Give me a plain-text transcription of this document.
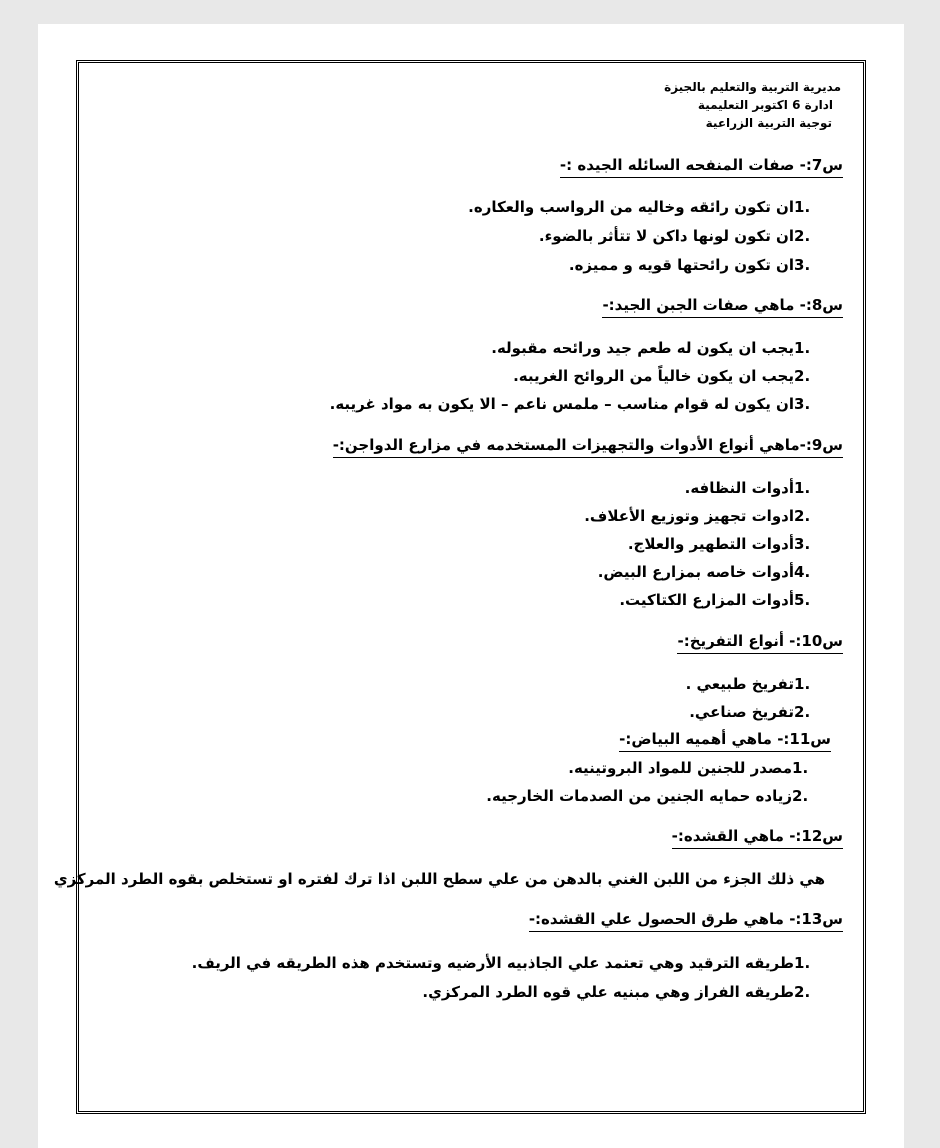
مديرية التربية والتعليم بالجيزة
ادارة 6 اكتوبر التعليمية
توجية التربية الزراعية
س7:- صفات المنفحه السائله الجيده :-
.1ان تكون رائقه وخاليه من الرواسب والعكاره.
.2ان تكون لونها داكن لا تتأثر بالضوء.
.3ان تكون رائحتها قويه و مميزه.
س8:- ماهي صفات الجبن الجيد:-
.1يجب ان يكون له طعم جيد ورائحه مقبوله.
.2يجب ان يكون خالياً من الروائح الغريبه.
.3ان يكون له قوام مناسب – ملمس ناعم – الا يكون به مواد غريبه.
س9:-ماهي أنواع الأدوات والتجهيزات المستخدمه في مزارع الدواجن:-
.1أدوات النظافه.
.2ادوات تجهيز وتوزيع الأعلاف.
.3أدوات التطهير والعلاج.
.4أدوات خاصه بمزارع البيض.
.5أدوات المزارع الكتاكيت.
س10:- أنواع التفريخ:-
.1تفريخ طبيعي .
.2تفريخ صناعي.
س11:- ماهي أهميه البياض:-
.1مصدر للجنين للمواد البروتينيه.
.2زياده حمايه الجنين من الصدمات الخارجيه.
س12:- ماهي القشده:-
هي ذلك الجزء من اللبن الغني بالدهن من علي سطح اللبن اذا ترك لفتره او تستخلص بقوه الطرد المركزي
س13:- ماهي طرق الحصول علي القشده:-
.1طريقه الترقيد وهي تعتمد علي الجاذبيه الأرضيه وتستخدم هذه الطريقه في الريف.
.2طريقه الفراز وهي مبنيه علي قوه الطرد المركزي.
